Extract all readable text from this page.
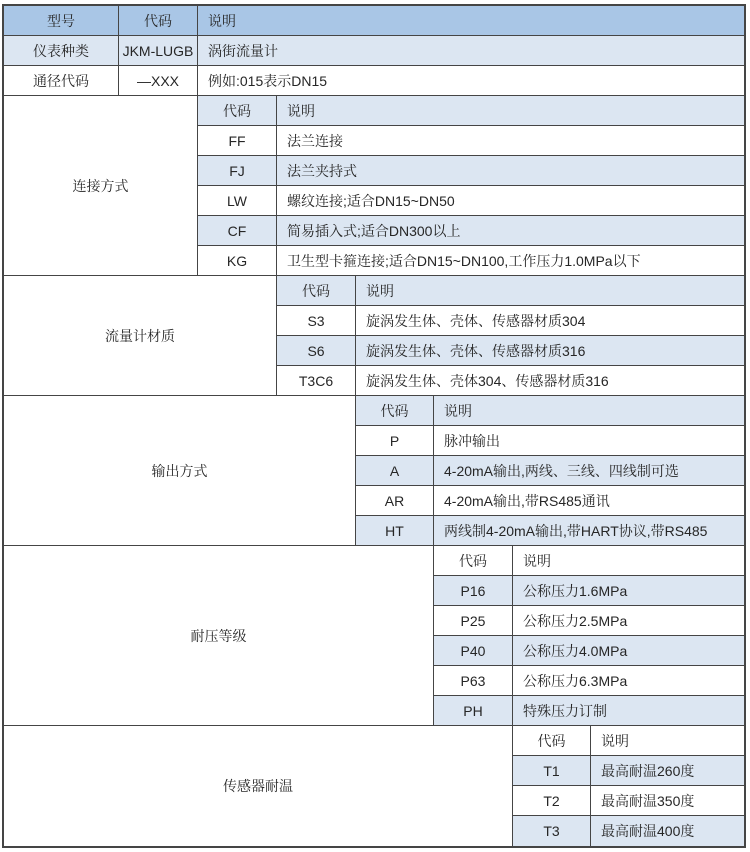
型号	代码	说明
仪表种类	JKM-LUGB	涡街流量计
通径代码	—XXX	例如:015表示DN15
连接方式
代码	说明
FF	法兰连接
FJ	法兰夹持式
LW	螺纹连接;适合DN15~DN50
CF	简易插入式;适合DN300以上
KG	卫生型卡箍连接;适合DN15~DN100,工作压力1.0MPa以下
流量计材质
代码	说明
S3	旋涡发生体、壳体、传感器材质304
S6	旋涡发生体、壳体、传感器材质316
T3C6	旋涡发生体、壳体304、传感器材质316
输出方式
代码	说明
P	脉冲输出
A	4-20mA输出,两线、三线、四线制可选
AR	4-20mA输出,带RS485通讯
HT	两线制4-20mA输出,带HART协议,带RS485
耐压等级
代码	说明
P16	公称压力1.6MPa
P25	公称压力2.5MPa
P40	公称压力4.0MPa
P63	公称压力6.3MPa
PH	特殊压力订制
传感器耐温
代码	说明
T1	最高耐温260度
T2	最高耐温350度
T3	最高耐温400度
